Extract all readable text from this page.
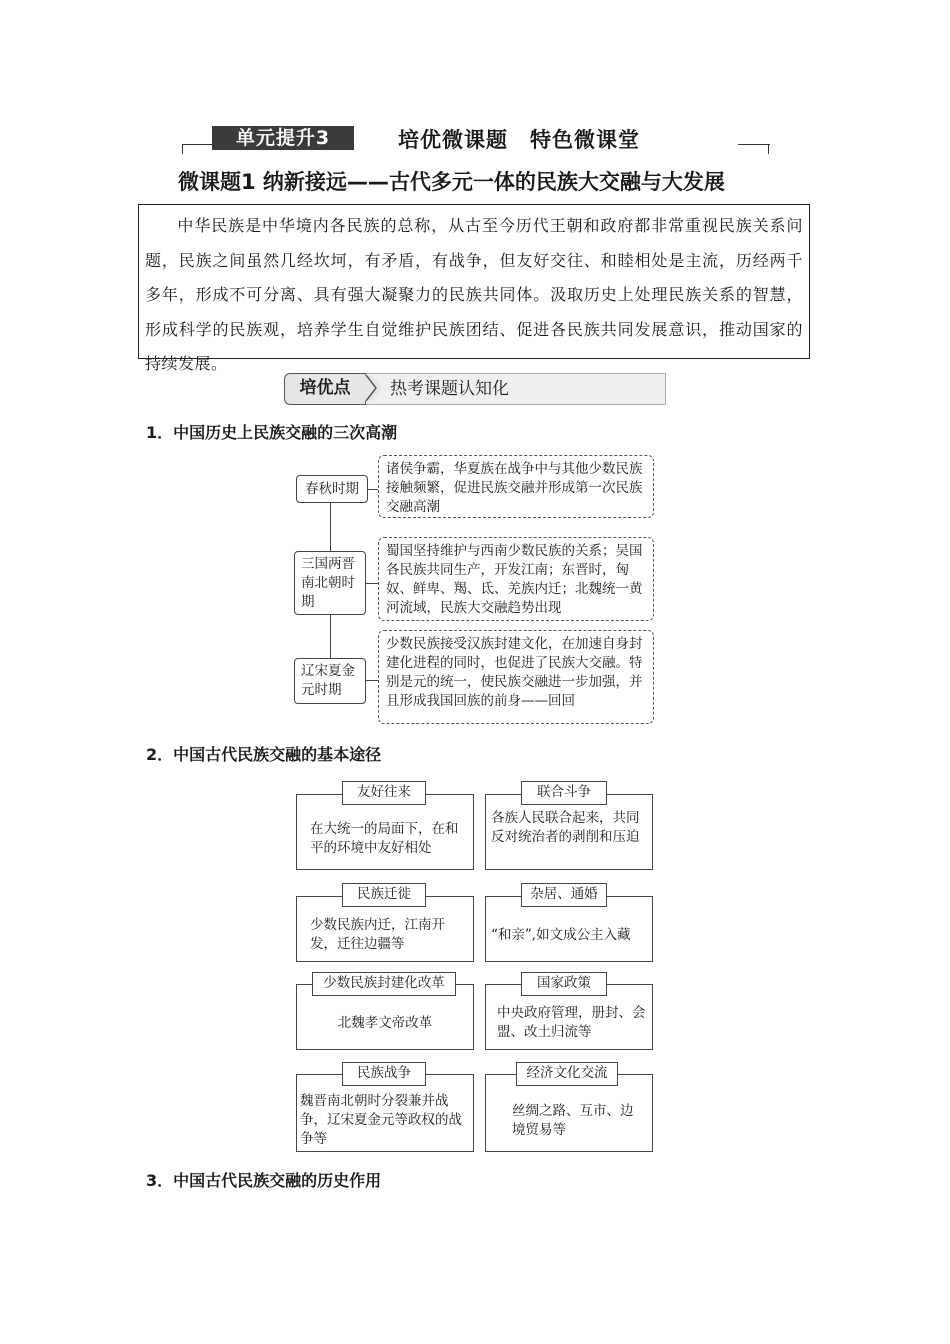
单元提升3	培优微课题　特色微课堂
微课题1 纳新接远——古代多元一体的民族大交融与大发展
中华民族是中华境内各民族的总称，从古至今历代王朝和政府都非常重视民族关系问题，民族之间虽然几经坎坷，有矛盾，有战争，但友好交往、和睦相处是主流，历经两千多年，形成不可分离、具有强大凝聚力的民族共同体。汲取历史上处理民族关系的智慧，形成科学的民族观，培养学生自觉维护民族团结、促进各民族共同发展意识，推动国家的持续发展。
热考课题认知化
培优点
1．中国历史上民族交融的三次高潮
春秋时期
诸侯争霸，华夏族在战争中与其他少数民族接触频繁，促进民族交融并形成第一次民族交融高潮
三国两晋南北朝时期
蜀国坚持维护与西南少数民族的关系；吴国各民族共同生产，开发江南；东晋时，匈奴、鲜卑、羯、氐、羌族内迁；北魏统一黄河流域，民族大交融趋势出现
辽宋夏金元时期
少数民族接受汉族封建文化，在加速自身封建化进程的同时，也促进了民族大交融。特别是元的统一，使民族交融进一步加强，并且形成我国回族的前身——回回
2．中国古代民族交融的基本途径
友好往来
在大统一的局面下，在和平的环境中友好相处
联合斗争
各族人民联合起来，共同反对统治者的剥削和压迫
民族迁徙
少数民族内迁，江南开发，迁往边疆等
杂居、通婚
“和亲”,如文成公主入藏
少数民族封建化改革
北魏孝文帝改革
国家政策
中央政府管理，册封、会盟、改土归流等
民族战争
魏晋南北朝时分裂兼并战争，辽宋夏金元等政权的战争等
经济文化交流
丝绸之路、互市、边境贸易等
3．中国古代民族交融的历史作用
